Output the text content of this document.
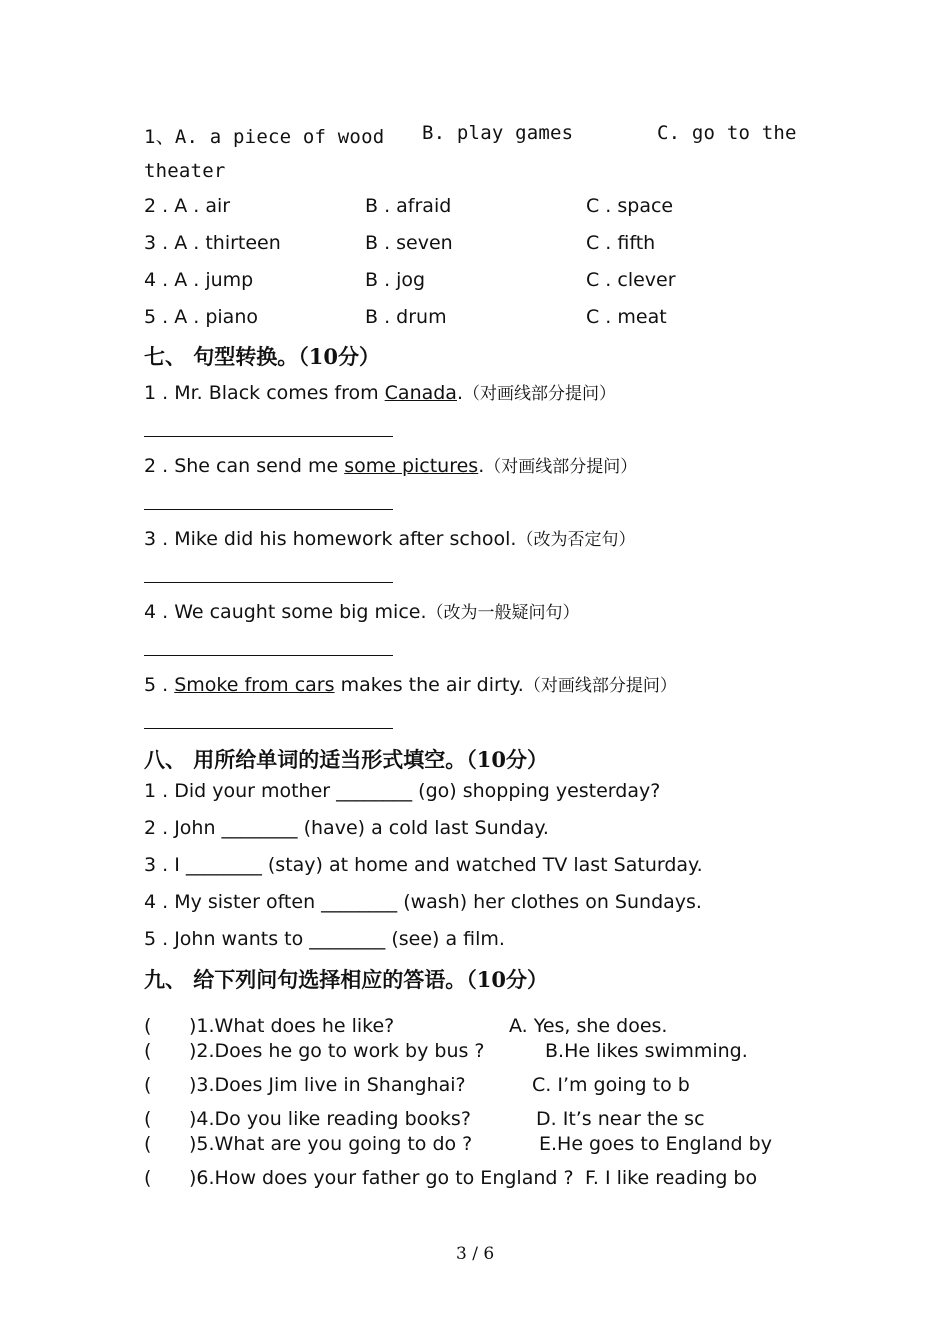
1、A. a piece of wood B. play games	C. go to the
theater
2 . A . air	B . afraid	C . space
3 . A . thirteen	B . seven	C . fifth
4 . A . jump	B . jog	C . clever
5 . A . piano	B . drum	C . meat
七、 句型转换。（10分）
1 . Mr. Black comes from Canada.（对画线部分提问）
2 . She can send me some pictures.（对画线部分提问）
3 . Mike did his homework after school.（改为否定句）
4 . We caught some big mice.（改为一般疑问句）
5 . Smoke from cars makes the air dirty.（对画线部分提问）
八、 用所给单词的适当形式填空。（10分）
1 . Did your mother ________ (go) shopping yesterday?
2 . John ________ (have) a cold last Sunday.
3 . I ________ (stay) at home and watched TV last Saturday.
4 . My sister often ________ (wash) her clothes on Sundays.
5 . John wants to ________ (see) a film.
九、 给下列问句选择相应的答语。（10分）
( )1.What does he like?	A. Yes, she does.
( )2.Does he go to work by bus ?	B.He likes swimming.
( )3.Does Jim live in Shanghai?	C. I’m going to b
( )4.Do you like reading books?	D. It’s near the sc
( )5.What are you going to do ?	E.He goes to England by
( )6.How does your father go to England ? F. I like reading bo
3 / 6
